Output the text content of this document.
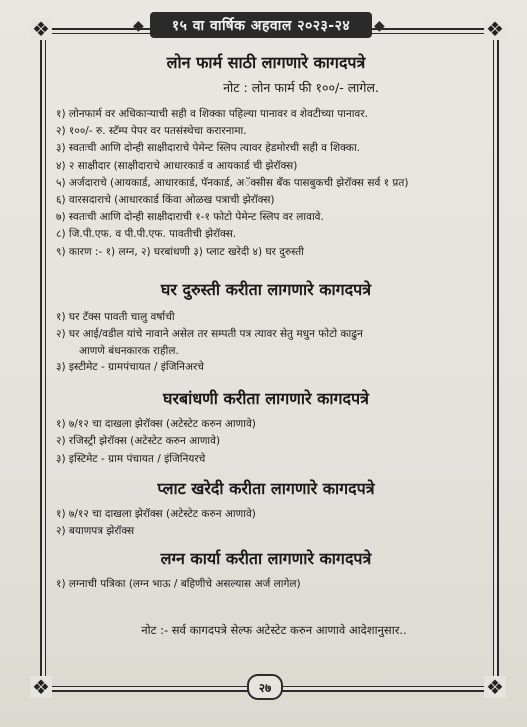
❖	❖
❖	❖
◆ १५ वा वार्षिक अहवाल २०२३-२४ ◆
लोन फार्म साठी लागणारे कागदपत्रे
नोट : लोन फार्म फी १००/- लागेल.
१) लोनफार्म वर अधिकाऱ्याची सही व शिक्का पहिल्या पानावर व शेवटीच्या पानावर.
२) १००/- रु. स्टॅम्प पेपर वर पतसंस्थेचा करारनामा.
३) स्वतःची आणि दोन्ही साक्षीदाराचे पेमेन्ट स्लिप त्यावर हेडमोरची सही व शिक्का.
४) २ साक्षीदार (साक्षीदाराचे आधारकार्ड व आयकार्ड ची झेरॉक्स)
५) अर्जदाराचे (आयकार्ड, आधारकार्ड, पॅनकार्ड, अॅक्सीस बँक पासबुकची झेरॉक्स सर्व १ प्रत)
६) वारसदाराचे (आधारकार्ड किंवा ओळख पत्राची झेरॉक्स)
७) स्वतःची आणि दोन्ही साक्षीदाराची १-१ फोटो पेमेन्ट स्लिप वर लावावे.
८) जि.पी.एफ. व पी.पी.एफ. पावतीची झेरॉक्स.
९) कारण :- १) लग्न, २) घरबांधणी ३) प्लाट खरेदी ४) घर दुरुस्ती
घर दुरुस्ती करीता लागणारे कागदपत्रे
१) घर टॅक्स पावती चालु वर्षाची
२) घर आई/वडील यांचे नावाने असेल तर सम्पती पत्र त्यावर सेतु मधुन फोटो काढुन
आणणे बंधनकारक राहील.
३) इस्टीमेट - ग्रामपंचायत / इंजिनिअरचे
घरबांधणी करीता लागणारे कागदपत्रे
१) ७/१२ चा दाखला झेरॉक्स (अटेस्टेट करुन आणावे)
२) रजिस्ट्री झेरॉक्स (अटेस्टेट करुन आणावे)
३) इस्टिमेट - ग्राम पंचायत / इंजिनियरचे
प्लाट खरेदी करीता लागणारे कागदपत्रे
१) ७/१२ चा दाखला झेरॉक्स (अटेस्टेट करुन आणावे)
२) बयाणपत्र झेरॉक्स
लग्न कार्या करीता लागणारे कागदपत्रे
१) लग्नाची पत्रिका (लग्न भाऊ / बहिणीचे असल्यास अर्ज लागेल)
नोट :- सर्व कागदपत्रे सेल्फ अटेस्टेट करुन आणावे आदेशानुसार..
२७
